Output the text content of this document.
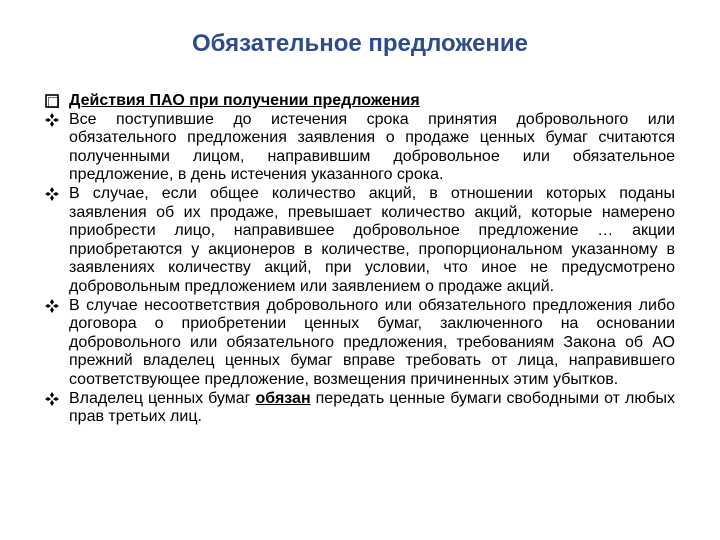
Обязательное предложение
Действия ПАО при получении предложения
Все поступившие до истечения срока принятия добровольного или обязательного предложения заявления о продаже ценных бумаг считаются полученными лицом, направившим добровольное или обязательное предложение, в день истечения указанного срока.
В случае, если общее количество акций, в отношении которых поданы заявления об их продаже, превышает количество акций, которые намерено приобрести лицо, направившее добровольное предложение … акции приобретаются у акционеров в количестве, пропорциональном указанному в заявлениях количеству акций, при условии, что иное не предусмотрено добровольным предложением или заявлением о продаже акций.
В случае несоответствия добровольного или обязательного предложения либо договора о приобретении ценных бумаг, заключенного на основании добровольного или обязательного предложения, требованиям Закона об АО прежний владелец ценных бумаг вправе требовать от лица, направившего соответствующее предложение, возмещения причиненных этим убытков.
Владелец ценных бумаг обязан передать ценные бумаги свободными от любых прав третьих лиц.
